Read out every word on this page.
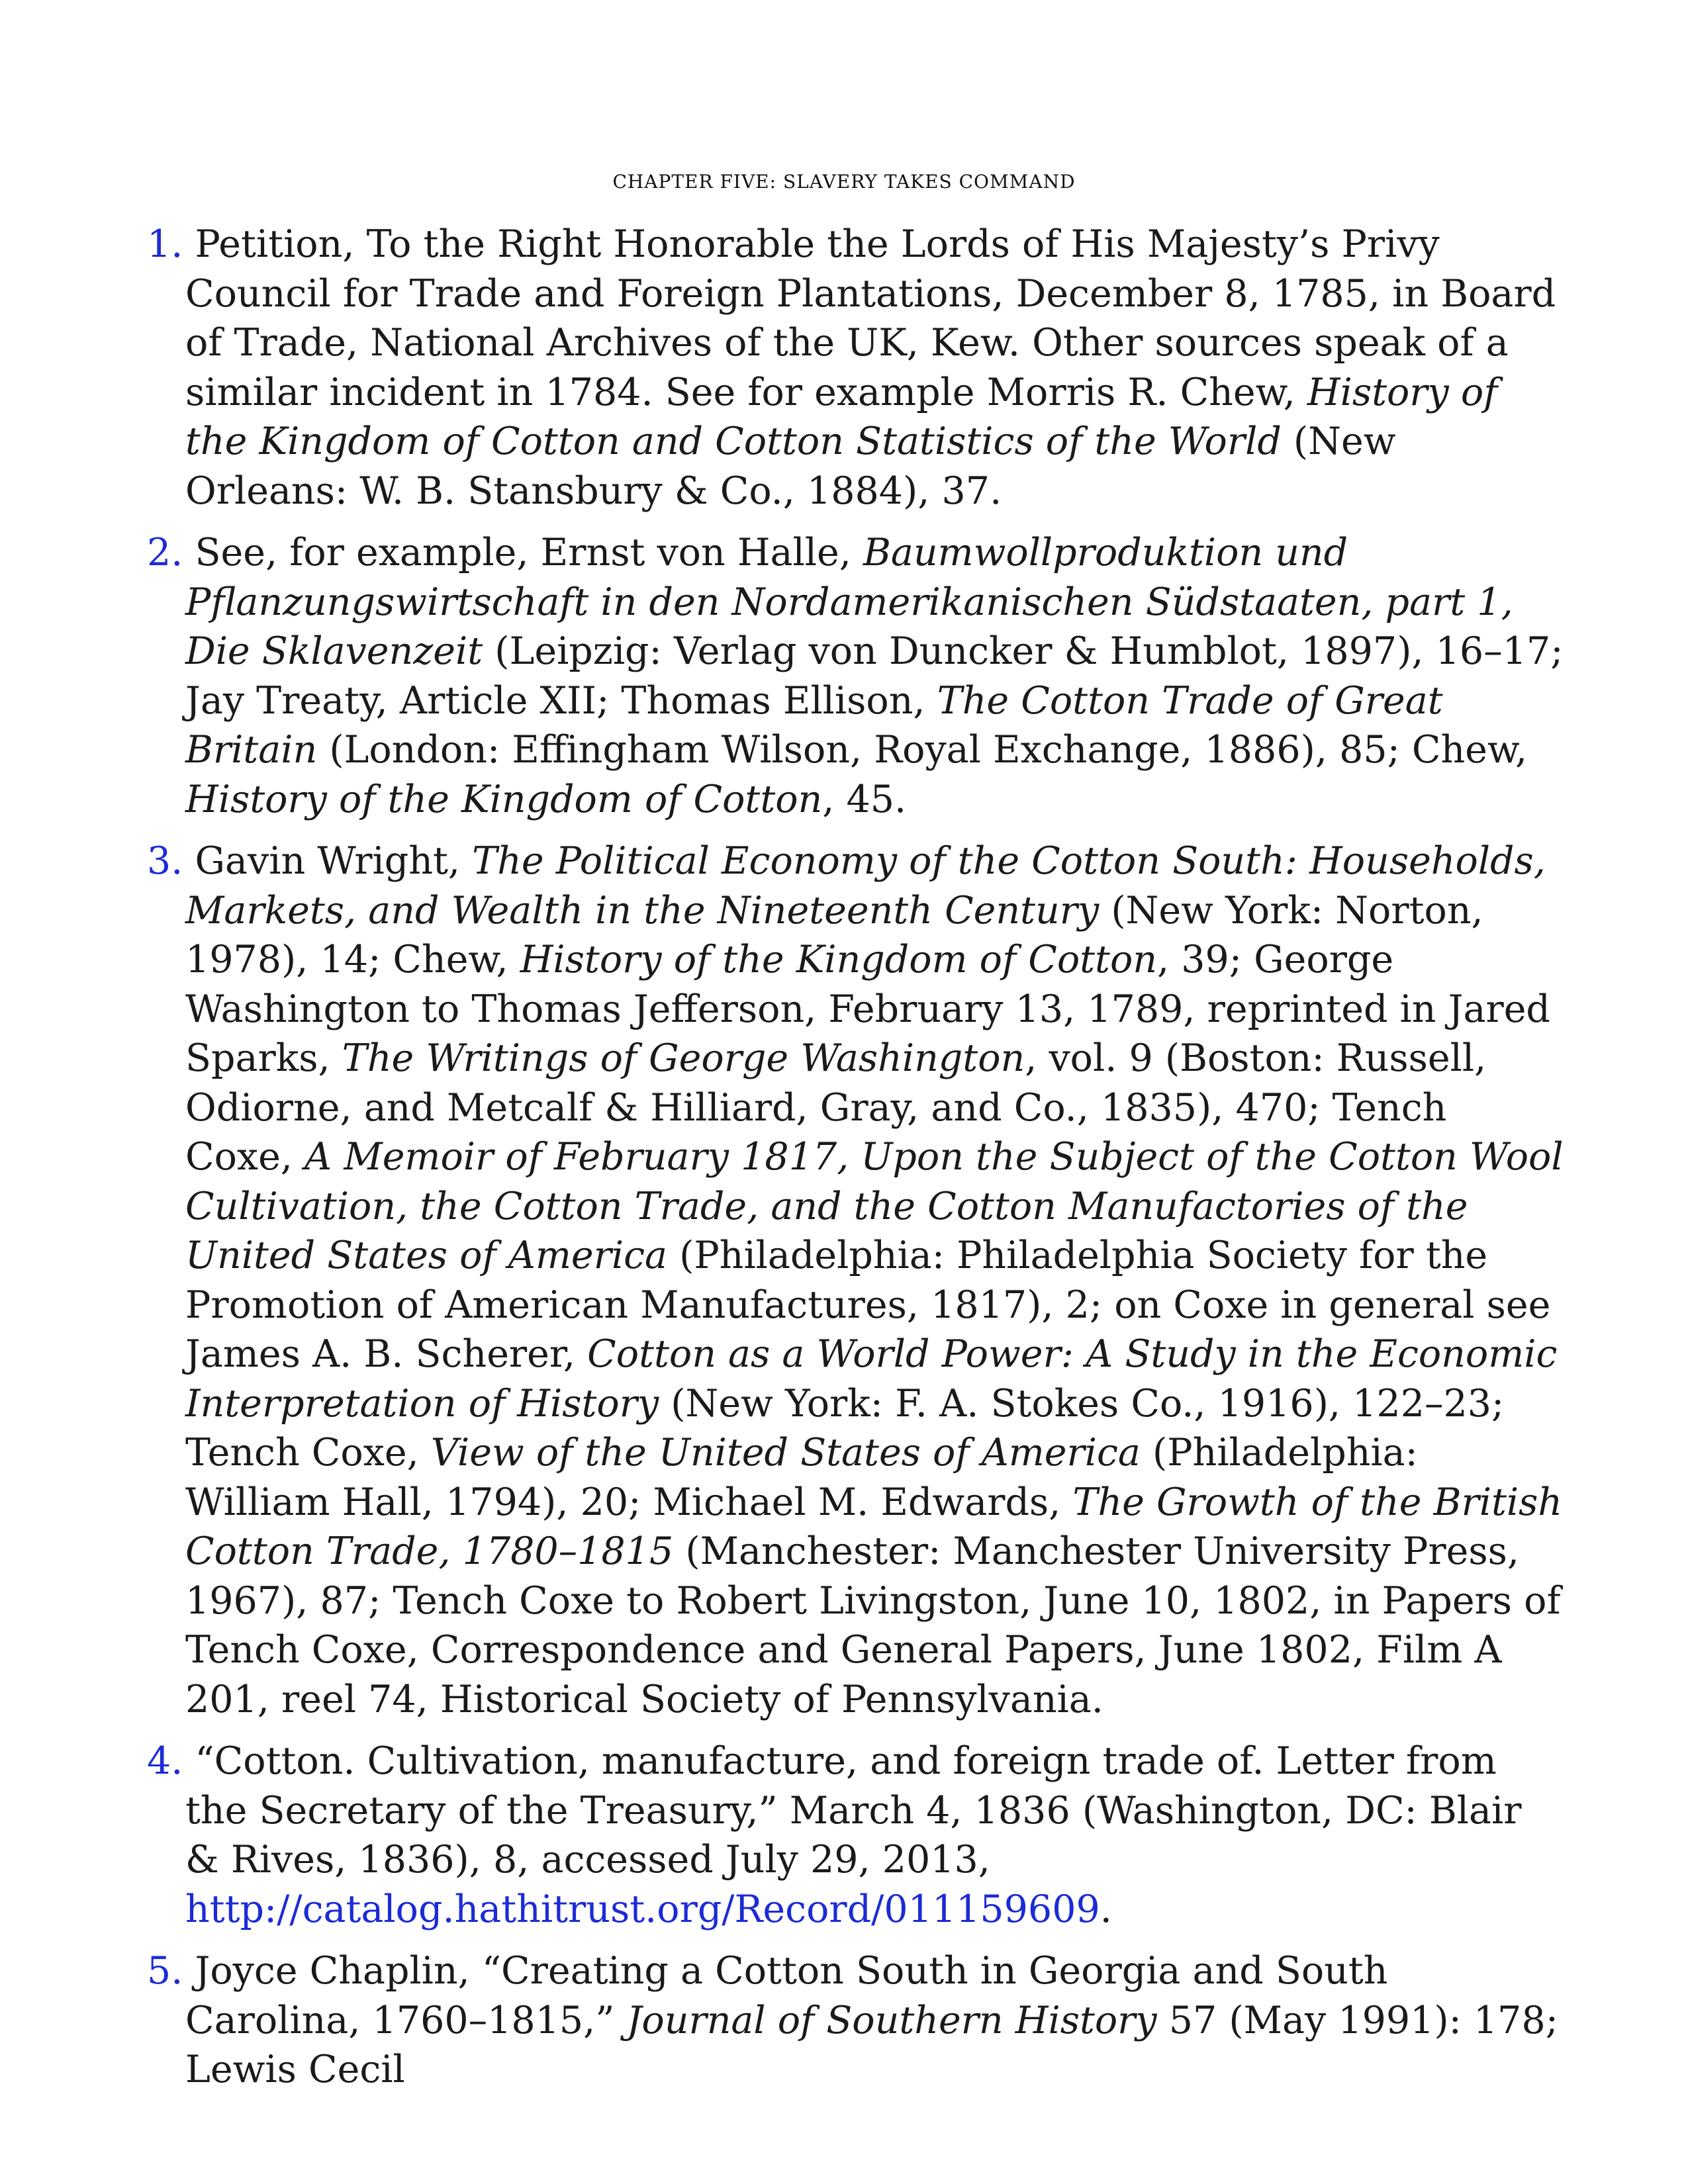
CHAPTER FIVE: SLAVERY TAKES COMMAND
1. Petition, To the Right Honorable the Lords of His Majesty’s Privy Council for Trade and Foreign Plantations, December 8, 1785, in Board of Trade, National Archives of the UK, Kew. Other sources speak of a similar incident in 1784. See for example Morris R. Chew, History of the Kingdom of Cotton and Cotton Statistics of the World (New Orleans: W. B. Stansbury & Co., 1884), 37.
2. See, for example, Ernst von Halle, Baumwollproduktion und Pflanzungswirtschaft in den Nordamerikanischen Südstaaten, part 1, Die Sklavenzeit (Leipzig: Verlag von Duncker & Humblot, 1897), 16–17; Jay Treaty, Article XII; Thomas Ellison, The Cotton Trade of Great Britain (London: Effingham Wilson, Royal Exchange, 1886), 85; Chew, History of the Kingdom of Cotton, 45.
3. Gavin Wright, The Political Economy of the Cotton South: Households, Markets, and Wealth in the Nineteenth Century (New York: Norton, 1978), 14; Chew, History of the Kingdom of Cotton, 39; George Washington to Thomas Jefferson, February 13, 1789, reprinted in Jared Sparks, The Writings of George Washington, vol. 9 (Boston: Russell, Odiorne, and Metcalf & Hilliard, Gray, and Co., 1835), 470; Tench Coxe, A Memoir of February 1817, Upon the Subject of the Cotton Wool Cultivation, the Cotton Trade, and the Cotton Manufactories of the United States of America (Philadelphia: Philadelphia Society for the Promotion of American Manufactures, 1817), 2; on Coxe in general see James A. B. Scherer, Cotton as a World Power: A Study in the Economic Interpretation of History (New York: F. A. Stokes Co., 1916), 122–23; Tench Coxe, View of the United States of America (Philadelphia: William Hall, 1794), 20; Michael M. Edwards, The Growth of the British Cotton Trade, 1780–1815 (Manchester: Manchester University Press, 1967), 87; Tench Coxe to Robert Livingston, June 10, 1802, in Papers of Tench Coxe, Correspondence and General Papers, June 1802, Film A 201, reel 74, Historical Society of Pennsylvania.
4. “Cotton. Cultivation, manufacture, and foreign trade of. Letter from the Secretary of the Treasury,” March 4, 1836 (Washington, DC: Blair & Rives, 1836), 8, accessed July 29, 2013, http://catalog.hathitrust.org/Record/011159609.
5. Joyce Chaplin, “Creating a Cotton South in Georgia and South Carolina, 1760–1815,” Journal of Southern History 57 (May 1991): 178; Lewis Cecil
